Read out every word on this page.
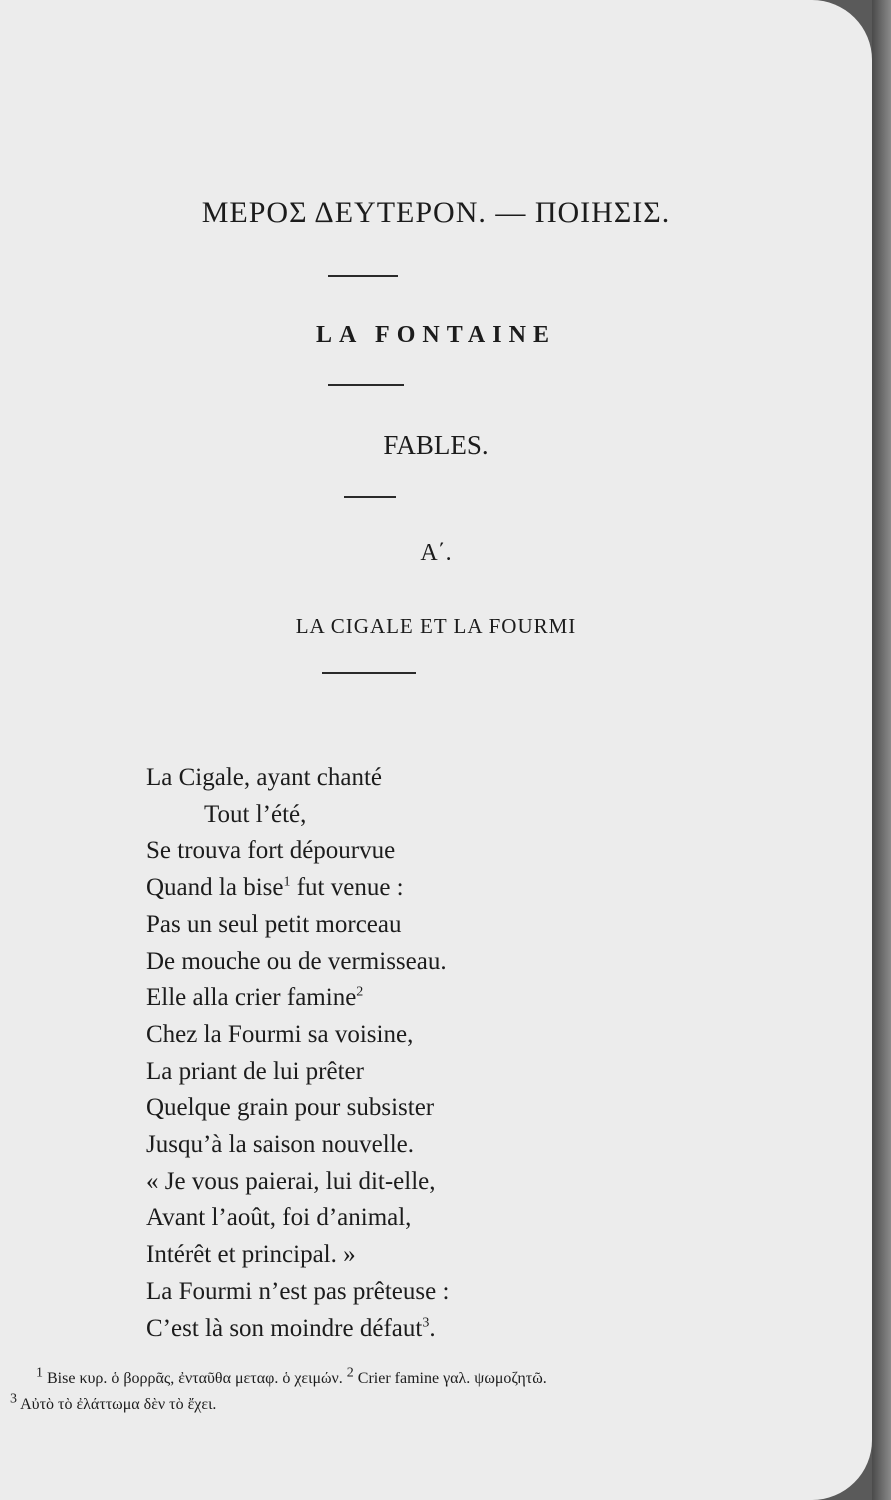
ΜΕΡΟΣ ΔΕΥΤΕΡΟΝ. — ΠΟΙΗΣΙΣ.
LA FONTAINE
FABLES.
Α΄.
LA CIGALE ET LA FOURMI
La Cigale, ayant chanté
Tout l’été,
Se trouva fort dépourvue
Quand la bise$^1$ fut venue :
Pas un seul petit morceau
De mouche ou de vermisseau.
Elle alla crier famine$^2$
Chez la Fourmi sa voisine,
La priant de lui prêter
Quelque grain pour subsister
Jusqu’à la saison nouvelle.
« Je vous paierai, lui dit-elle,
Avant l’août, foi d’animal,
Intérêt et principal. »
La Fourmi n’est pas prêteuse :
C’est là son moindre défaut$^3$.
$^1$ Bise κυρ. ὁ βορρᾶς, ἐνταῦθα μεταφ. ὁ χειμών. $^2$ Crier famine γαλ. ψωμοζητῶ.
$^3$ Αὐτὸ τὸ ἐλάττωμα δὲν τὸ ἔχει.
